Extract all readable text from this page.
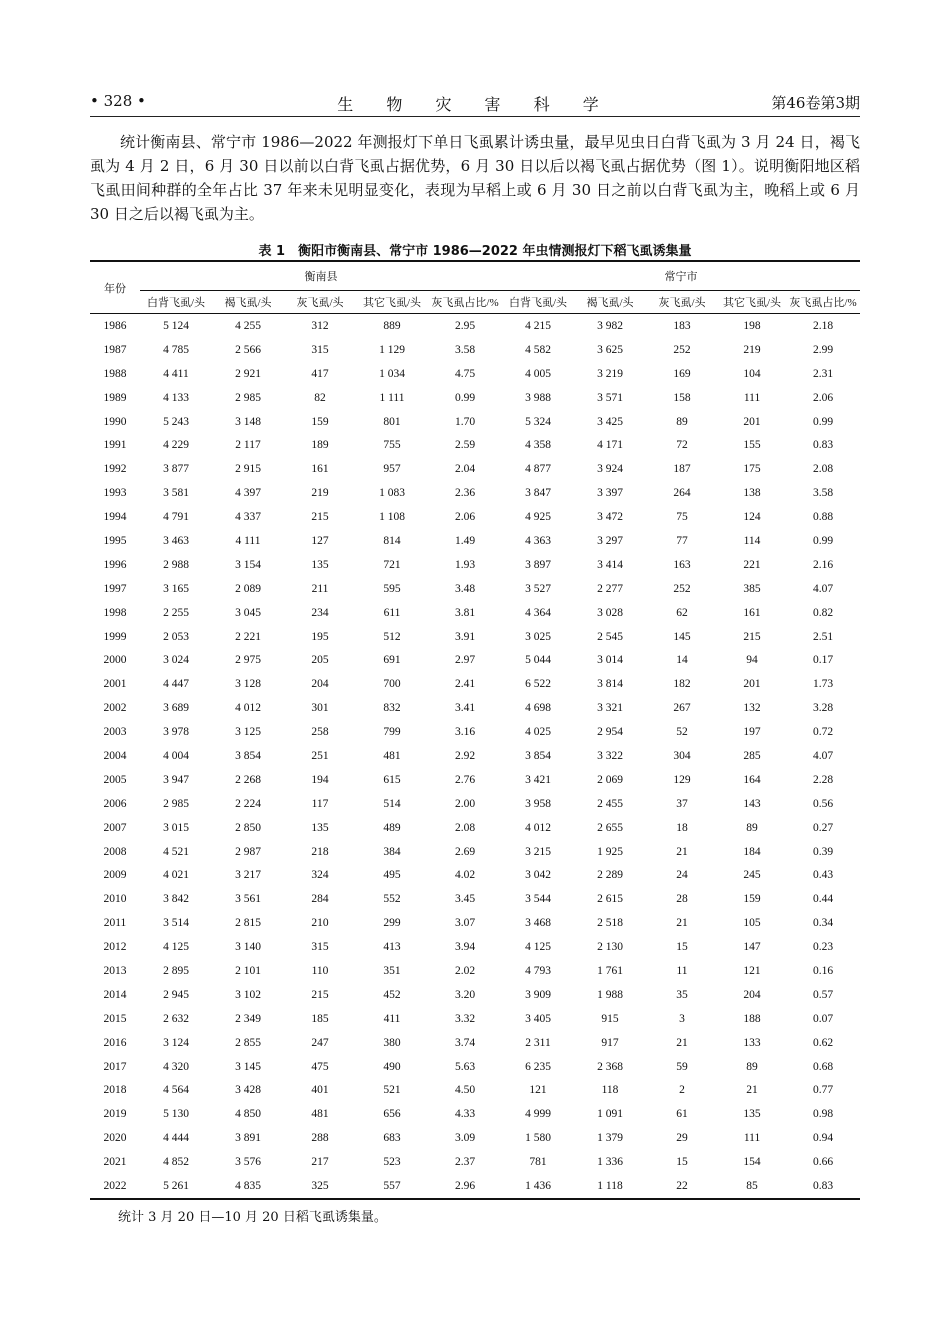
• 328 •	生 物 灾 害 科 学	第46卷第3期

统计衡南县、常宁市 1986—2022 年测报灯下单日飞虱累计诱虫量，最早见虫日白背飞虱为 3 月 24 日，褐飞虱为 4 月 2 日，6 月 30 日以前以白背飞虱占据优势，6 月 30 日以后以褐飞虱占据优势（图 1）。说明衡阳地区稻飞虱田间种群的全年占比 37 年来未见明显变化，表现为早稻上或 6 月 30 日之前以白背飞虱为主，晚稻上或 6 月 30 日之后以褐飞虱为主。

表 1　衡阳市衡南县、常宁市 1986—2022 年虫情测报灯下稻飞虱诱集量
年份	衡南县					常宁市				
	白背飞虱/头	褐飞虱/头	灰飞虱/头	其它飞虱/头	灰飞虱占比/%	白背飞虱/头	褐飞虱/头	灰飞虱/头	其它飞虱/头	灰飞虱占比/%
1986	5 124	4 255	312	889	2.95	4 215	3 982	183	198	2.18
1987	4 785	2 566	315	1 129	3.58	4 582	3 625	252	219	2.99
1988	4 411	2 921	417	1 034	4.75	4 005	3 219	169	104	2.31
1989	4 133	2 985	82	1 111	0.99	3 988	3 571	158	111	2.06
1990	5 243	3 148	159	801	1.70	5 324	3 425	89	201	0.99
1991	4 229	2 117	189	755	2.59	4 358	4 171	72	155	0.83
1992	3 877	2 915	161	957	2.04	4 877	3 924	187	175	2.08
1993	3 581	4 397	219	1 083	2.36	3 847	3 397	264	138	3.58
1994	4 791	4 337	215	1 108	2.06	4 925	3 472	75	124	0.88
1995	3 463	4 111	127	814	1.49	4 363	3 297	77	114	0.99
1996	2 988	3 154	135	721	1.93	3 897	3 414	163	221	2.16
1997	3 165	2 089	211	595	3.48	3 527	2 277	252	385	4.07
1998	2 255	3 045	234	611	3.81	4 364	3 028	62	161	0.82
1999	2 053	2 221	195	512	3.91	3 025	2 545	145	215	2.51
2000	3 024	2 975	205	691	2.97	5 044	3 014	14	94	0.17
2001	4 447	3 128	204	700	2.41	6 522	3 814	182	201	1.73
2002	3 689	4 012	301	832	3.41	4 698	3 321	267	132	3.28
2003	3 978	3 125	258	799	3.16	4 025	2 954	52	197	0.72
2004	4 004	3 854	251	481	2.92	3 854	3 322	304	285	4.07
2005	3 947	2 268	194	615	2.76	3 421	2 069	129	164	2.28
2006	2 985	2 224	117	514	2.00	3 958	2 455	37	143	0.56
2007	3 015	2 850	135	489	2.08	4 012	2 655	18	89	0.27
2008	4 521	2 987	218	384	2.69	3 215	1 925	21	184	0.39
2009	4 021	3 217	324	495	4.02	3 042	2 289	24	245	0.43
2010	3 842	3 561	284	552	3.45	3 544	2 615	28	159	0.44
2011	3 514	2 815	210	299	3.07	3 468	2 518	21	105	0.34
2012	4 125	3 140	315	413	3.94	4 125	2 130	15	147	0.23
2013	2 895	2 101	110	351	2.02	4 793	1 761	11	121	0.16
2014	2 945	3 102	215	452	3.20	3 909	1 988	35	204	0.57
2015	2 632	2 349	185	411	3.32	3 405	915	3	188	0.07
2016	3 124	2 855	247	380	3.74	2 311	917	21	133	0.62
2017	4 320	3 145	475	490	5.63	6 235	2 368	59	89	0.68
2018	4 564	3 428	401	521	4.50	121	118	2	21	0.77
2019	5 130	4 850	481	656	4.33	4 999	1 091	61	135	0.98
2020	4 444	3 891	288	683	3.09	1 580	1 379	29	111	0.94
2021	4 852	3 576	217	523	2.37	781	1 336	15	154	0.66
2022	5 261	4 835	325	557	2.96	1 436	1 118	22	85	0.83
统计 3 月 20 日—10 月 20 日稻飞虱诱集量。
